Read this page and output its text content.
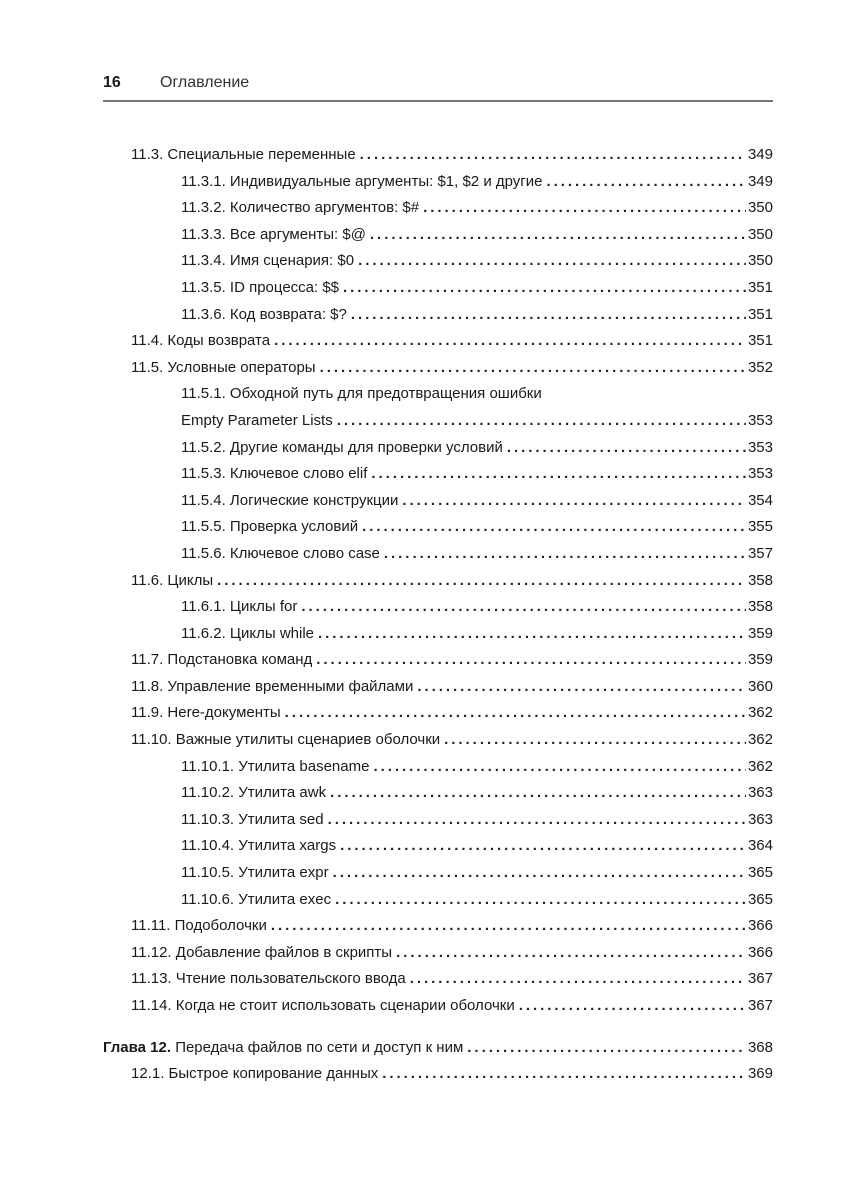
16 Оглавление
11.3. Специальные переменные . . .	349
11.3.1. Индивидуальные аргументы: $1, $2 и другие . . .	349
11.3.2. Количество аргументов: $# . . .	350
11.3.3. Все аргументы: $@ . . .	350
11.3.4. Имя сценария: $0 . . .	350
11.3.5. ID процесса: $$ . . .	351
11.3.6. Код возврата: $? . . .	351
11.4. Коды возврата . . .	351
11.5. Условные операторы . . .	352
11.5.1. Обходной путь для предотвращения ошибки
Empty Parameter Lists . . .	353
11.5.2. Другие команды для проверки условий . . .	353
11.5.3. Ключевое слово elif . . .	353
11.5.4. Логические конструкции . . .	354
11.5.5. Проверка условий . . .	355
11.5.6. Ключевое слово case . . .	357
11.6. Циклы . . .	358
11.6.1. Циклы for . . .	358
11.6.2. Циклы while . . .	359
11.7. Подстановка команд . . .	359
11.8. Управление временными файлами . . .	360
11.9. Here-документы . . .	362
11.10. Важные утилиты сценариев оболочки . . .	362
11.10.1. Утилита basename . . .	362
11.10.2. Утилита awk . . .	363
11.10.3. Утилита sed . . .	363
11.10.4. Утилита xargs . . .	364
11.10.5. Утилита expr . . .	365
11.10.6. Утилита exec . . .	365
11.11. Подоболочки . . .	366
11.12. Добавление файлов в скрипты . . .	366
11.13. Чтение пользовательского ввода . . .	367
11.14. Когда не стоит использовать сценарии оболочки . . .	367
Глава 12. Передача файлов по сети и доступ к ним . . .	368
12.1. Быстрое копирование данных . . .	369
